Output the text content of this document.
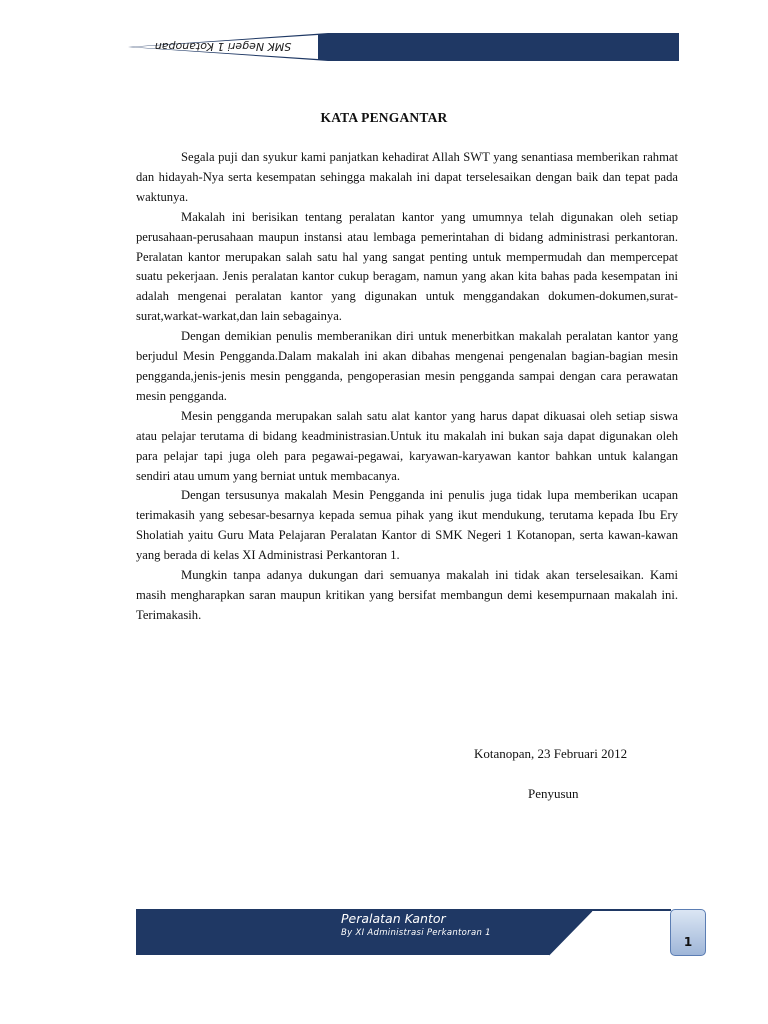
SMK Negeri 1 Kotanopan
KATA PENGANTAR

Segala puji dan syukur kami panjatkan kehadirat Allah SWT yang senantiasa memberikan rahmat dan hidayah-Nya serta kesempatan sehingga makalah ini dapat terselesaikan dengan baik dan tepat pada waktunya.

Makalah ini berisikan tentang peralatan kantor yang umumnya telah digunakan oleh setiap perusahaan-perusahaan maupun instansi atau lembaga pemerintahan di bidang administrasi perkantoran. Peralatan kantor merupakan salah satu hal yang sangat penting untuk mempermudah dan mempercepat suatu pekerjaan. Jenis peralatan kantor cukup beragam, namun yang akan kita bahas pada kesempatan ini adalah mengenai peralatan kantor yang digunakan untuk menggandakan dokumen-dokumen,surat-surat,warkat-warkat,dan lain sebagainya.

Dengan demikian penulis memberanikan diri untuk menerbitkan makalah peralatan kantor yang berjudul Mesin Pengganda.Dalam makalah ini akan dibahas mengenai pengenalan bagian-bagian mesin pengganda,jenis-jenis mesin pengganda, pengoperasian mesin pengganda sampai dengan cara perawatan mesin pengganda.

Mesin pengganda merupakan salah satu alat kantor yang harus dapat dikuasai oleh setiap siswa atau pelajar terutama di bidang keadministrasian.Untuk itu makalah ini bukan saja dapat digunakan oleh para pelajar tapi juga oleh para pegawai-pegawai, karyawan-karyawan kantor bahkan untuk kalangan sendiri atau umum yang berniat untuk membacanya.

Dengan tersusunya makalah Mesin Pengganda ini penulis juga tidak lupa memberikan ucapan terimakasih yang sebesar-besarnya kepada semua pihak yang ikut mendukung, terutama kepada Ibu Ery Sholatiah yaitu Guru Mata Pelajaran Peralatan Kantor di SMK Negeri 1 Kotanopan, serta kawan-kawan yang berada di kelas XI Administrasi Perkantoran 1.

Mungkin tanpa adanya dukungan dari semuanya makalah ini tidak akan terselesaikan. Kami masih mengharapkan saran maupun kritikan yang bersifat membangun demi kesempurnaan makalah ini. Terimakasih.

Kotanopan, 23 Februari 2012
Penyusun
Peralatan Kantor
By XI Administrasi Perkantoran 1
1
